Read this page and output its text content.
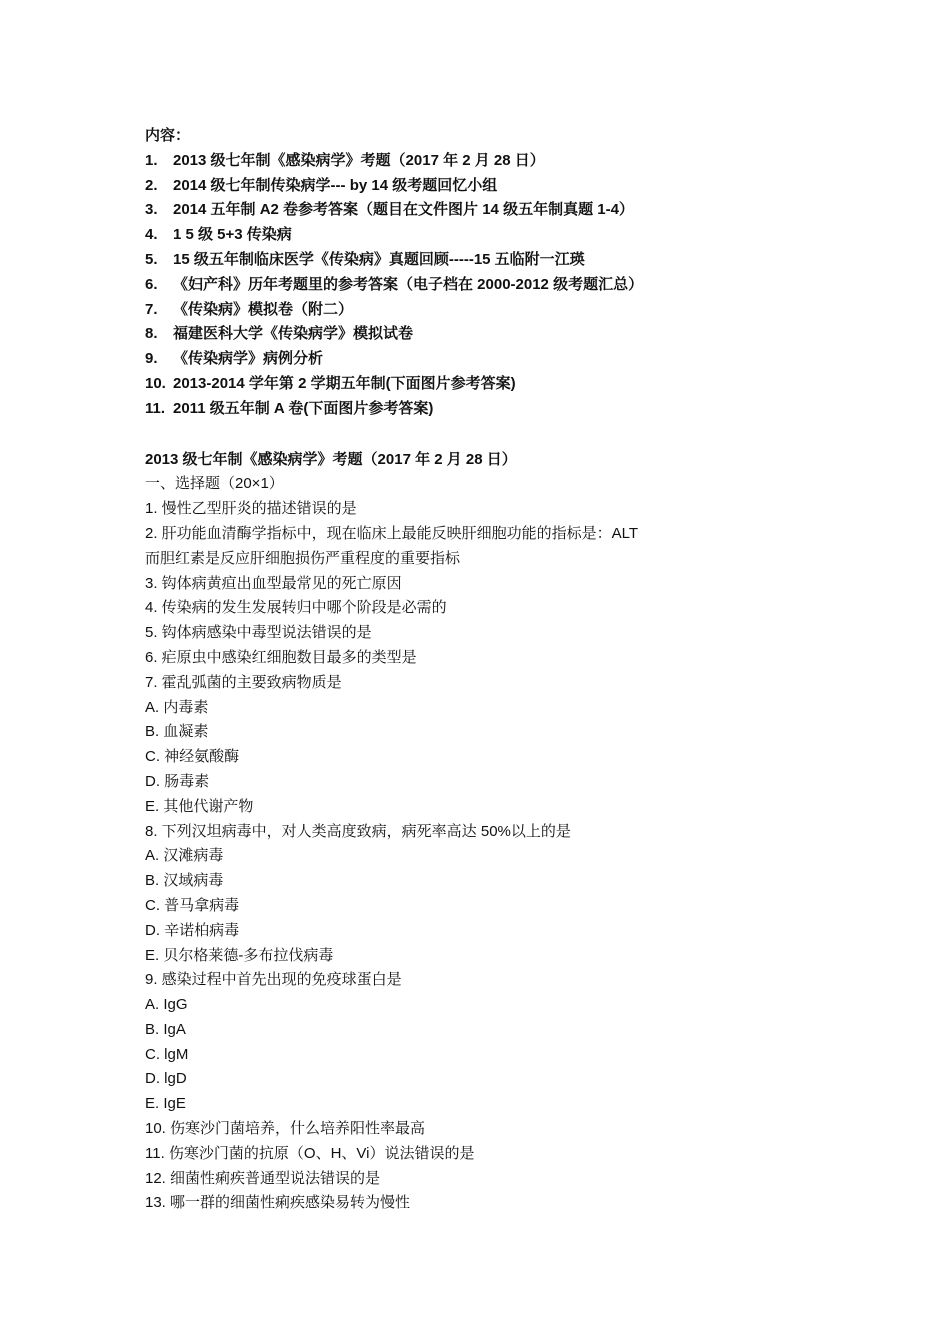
内容：
1.	2013 级七年制《感染病学》考题（2017 年 2 月 28 日）
2.	2014 级七年制传染病学--- by 14 级考题回忆小组
3.	2014 五年制 A2 卷参考答案（题目在文件图片 14 级五年制真题 1-4）
4.	1 5 级 5+3 传染病
5.	15 级五年制临床医学《传染病》真题回顾-----15 五临附一江瑛
6.	《妇产科》历年考题里的参考答案（电子档在 2000-2012 级考题汇总）
7.	《传染病》模拟卷（附二）
8.	福建医科大学《传染病学》模拟试卷
9.	《传染病学》病例分析
10. 2013-2014 学年第 2 学期五年制(下面图片参考答案)
11. 2011 级五年制 A 卷(下面图片参考答案)
2013 级七年制《感染病学》考题（2017 年 2 月 28 日）
一、选择题（20×1）
1. 慢性乙型肝炎的描述错误的是
2. 肝功能血清酶学指标中，现在临床上最能反映肝细胞功能的指标是：ALT
而胆红素是反应肝细胞损伤严重程度的重要指标
3. 钩体病黄疸出血型最常见的死亡原因
4. 传染病的发生发展转归中哪个阶段是必需的
5. 钩体病感染中毒型说法错误的是
6. 疟原虫中感染红细胞数目最多的类型是
7. 霍乱弧菌的主要致病物质是
A. 内毒素
B. 血凝素
C. 神经氨酸酶
D. 肠毒素
E. 其他代谢产物
8. 下列汉坦病毒中，对人类高度致病，病死率高达 50%以上的是
A. 汉滩病毒
B. 汉域病毒
C. 普马拿病毒
D. 辛诺柏病毒
E. 贝尔格莱德-多布拉伐病毒
9. 感染过程中首先出现的免疫球蛋白是
A. IgG
B. IgA
C. lgM
D. lgD
E. IgE
10. 伤寒沙门菌培养，什么培养阳性率最高
11. 伤寒沙门菌的抗原（O、H、Vi）说法错误的是
12. 细菌性痢疾普通型说法错误的是
13. 哪一群的细菌性痢疾感染易转为慢性
